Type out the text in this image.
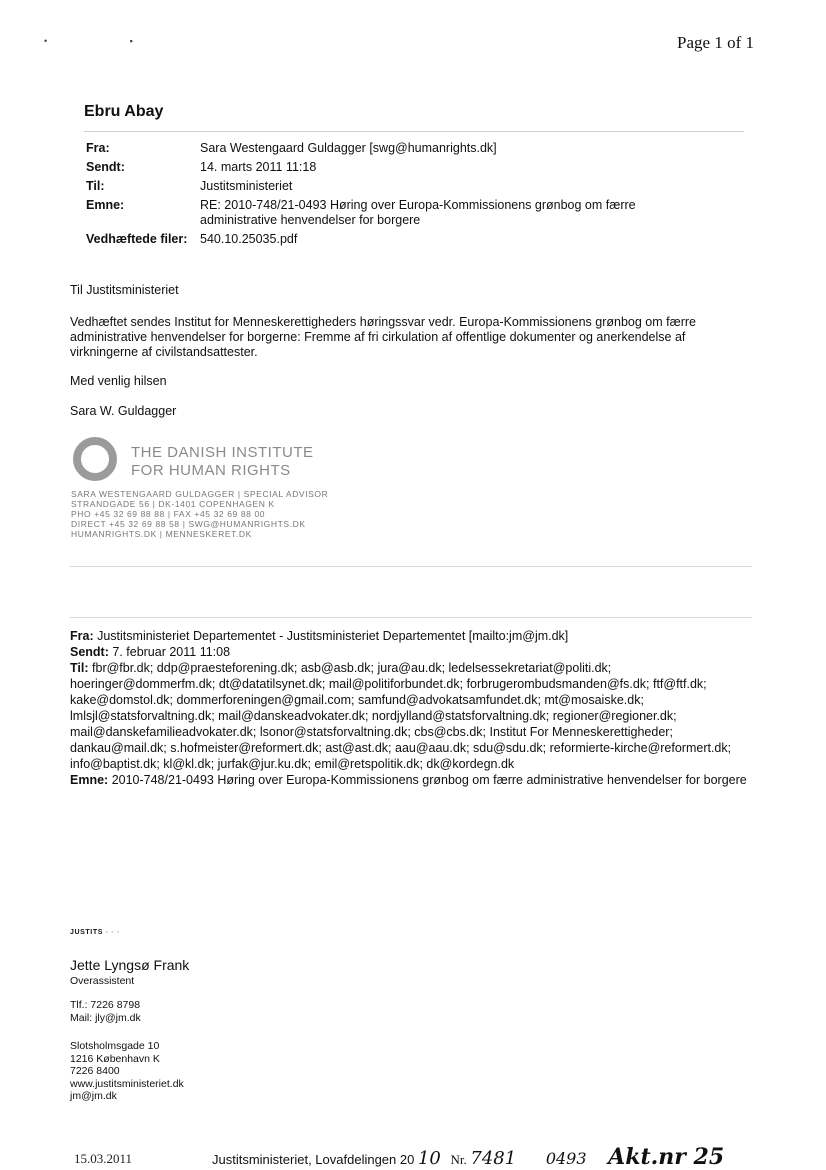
• ▪	Page 1 of 1
Ebru Abay
Fra:	Sara Westengaard Guldagger [swg@humanrights.dk]
Sendt:	14. marts 2011 11:18
Til:	Justitsministeriet
Emne:	RE: 2010-748/21-0493 Høring over Europa-Kommissionens grønbog om færre administrative henvendelser for borgere
Vedhæftede filer:	540.10.25035.pdf
Til Justitsministeriet
Vedhæftet sendes Institut for Menneskerettigheders høringssvar vedr. Europa-Kommissionens grønbog om færre administrative henvendelser for borgerne: Fremme af fri cirkulation af offentlige dokumenter og anerkendelse af virkningerne af civilstandsattester.
Med venlig hilsen
Sara W. Guldagger
THE DANISH INSTITUTE
FOR HUMAN RIGHTS
SARA WESTENGAARD GULDAGGER | SPECIAL ADVISOR
STRANDGADE 56 | DK-1401 COPENHAGEN K
PHO +45 32 69 88 88 | FAX +45 32 69 88 00
DIRECT +45 32 69 88 58 | SWG@HUMANRIGHTS.DK
HUMANRIGHTS.DK | MENNESKERET.DK
Fra: Justitsministeriet Departementet - Justitsministeriet Departementet [mailto:jm@jm.dk]
Sendt: 7. februar 2011 11:08
Til: fbr@fbr.dk; ddp@praesteforening.dk; asb@asb.dk; jura@au.dk; ledelsessekretariat@politi.dk; hoeringer@dommerfm.dk; dt@datatilsynet.dk; mail@politiforbundet.dk; forbrugerombudsmanden@fs.dk; ftf@ftf.dk; kake@domstol.dk; dommerforeningen@gmail.com; samfund@advokatsamfundet.dk; mt@mosaiske.dk; lmlsjl@statsforvaltning.dk; mail@danskeadvokater.dk; nordjylland@statsforvaltning.dk; regioner@regioner.dk; mail@danskefamilieadvokater.dk; lsonor@statsforvaltning.dk; cbs@cbs.dk; Institut For Menneskerettigheder; dankau@mail.dk; s.hofmeister@reformert.dk; ast@ast.dk; aau@aau.dk; sdu@sdu.dk; reformierte-kirche@reformert.dk; info@baptist.dk; kl@kl.dk; jurfak@jur.ku.dk; emil@retspolitik.dk; dk@kordegn.dk
Emne: 2010-748/21-0493 Høring over Europa-Kommissionens grønbog om færre administrative henvendelser for borgere
JUSTITS ▪ ▪ ▪
Jette Lyngsø Frank
Overassistent
Tlf.: 7226 8798
Mail: jly@jm.dk
Slotsholmsgade 10
1216 København K
7226 8400
www.justitsministeriet.dk
jm@jm.dk
15.03.2011	Justitsministeriet, Lovafdelingen 20 10 Nr. 7481 0493 Akt.nr 25
